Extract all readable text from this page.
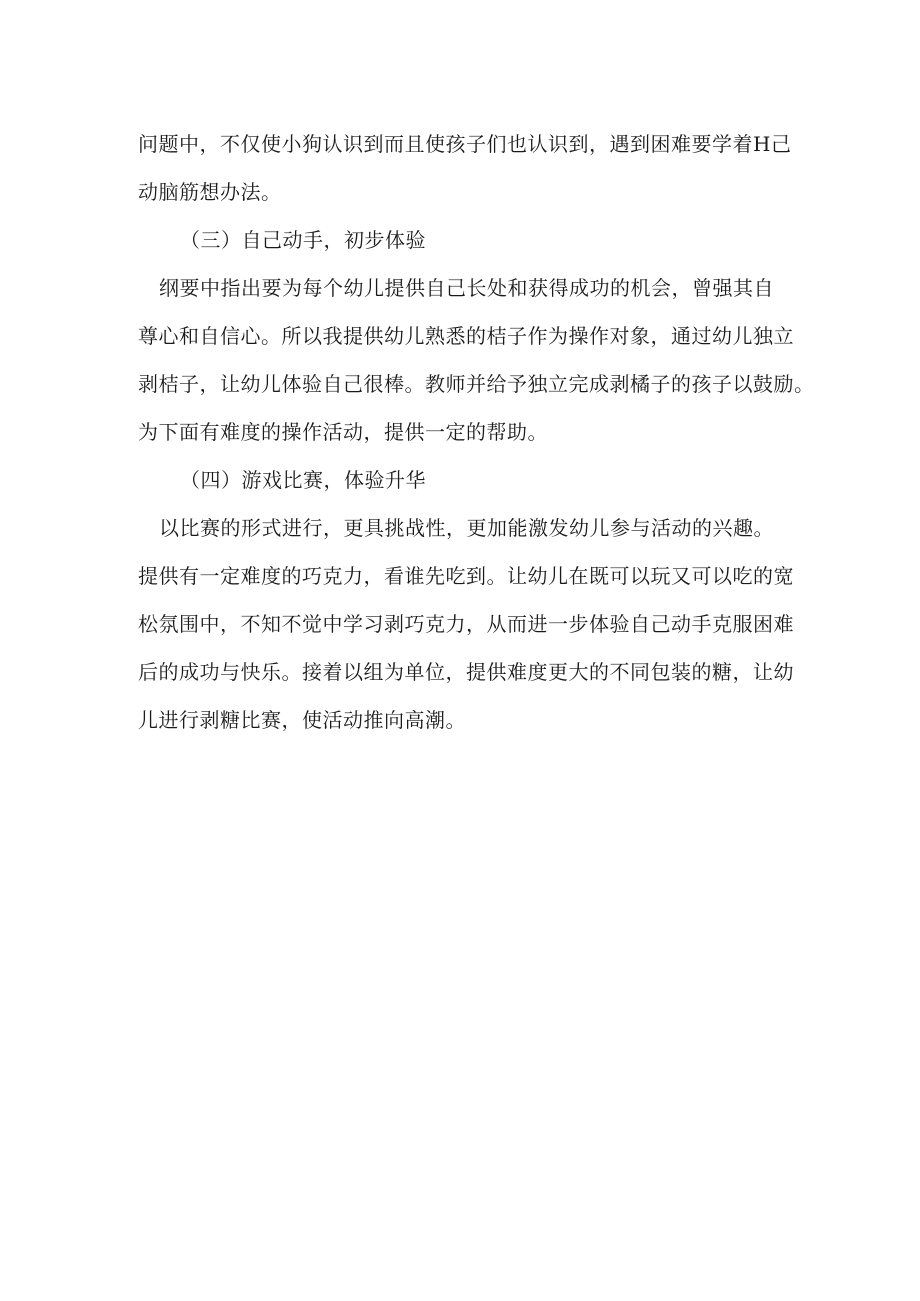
问题中，不仅使小狗认识到而且使孩子们也认识到，遇到困难要学着H己
动脑筋想办法。
（三）自己动手，初步体验
纲要中指出要为每个幼儿提供自己长处和获得成功的机会，曾强其自
尊心和自信心。所以我提供幼儿熟悉的桔子作为操作对象，通过幼儿独立
剥桔子，让幼儿体验自己很棒。教师并给予独立完成剥橘子的孩子以鼓励。
为下面有难度的操作活动，提供一定的帮助。
（四）游戏比赛，体验升华
以比赛的形式进行，更具挑战性，更加能激发幼儿参与活动的兴趣。
提供有一定难度的巧克力，看谁先吃到。让幼儿在既可以玩又可以吃的宽
松氛围中，不知不觉中学习剥巧克力，从而进一步体验自己动手克服困难
后的成功与快乐。接着以组为单位，提供难度更大的不同包装的糖，让幼
儿进行剥糖比赛，使活动推向高潮。
